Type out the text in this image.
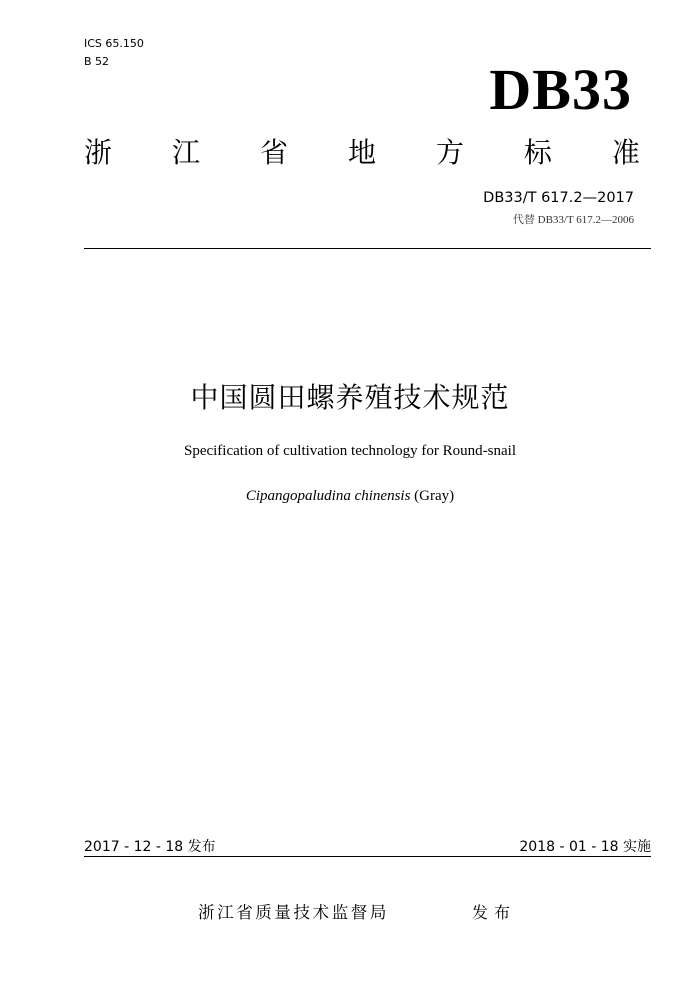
ICS 65.150
B 52	DB33
浙 江 省 地 方 标 准
DB33/T 617.2—2017
代替 DB33/T 617.2—2006
中国圆田螺养殖技术规范
Specification of cultivation technology for Round-snail
Cipangopaludina chinensis (Gray)
2017 - 12 - 18 发布	2018 - 01 - 18 实施
浙江省质量技术监督局	发布
